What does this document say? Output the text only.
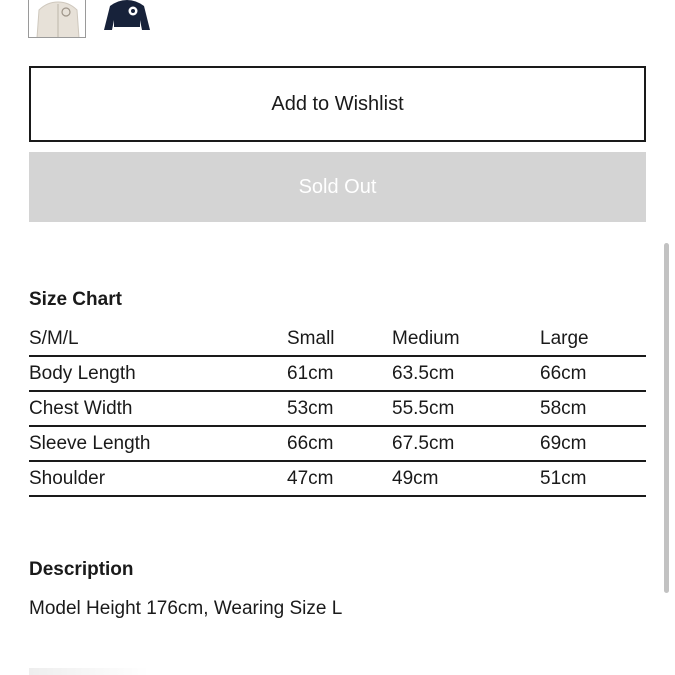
Add to Wishlist
Sold Out
Size Chart
S/M/L	Small	Medium	Large
Body Length	61cm	63.5cm	66cm
Chest Width	53cm	55.5cm	58cm
Sleeve Length	66cm	67.5cm	69cm
Shoulder	47cm	49cm	51cm
Description
Model Height 176cm, Wearing Size L
